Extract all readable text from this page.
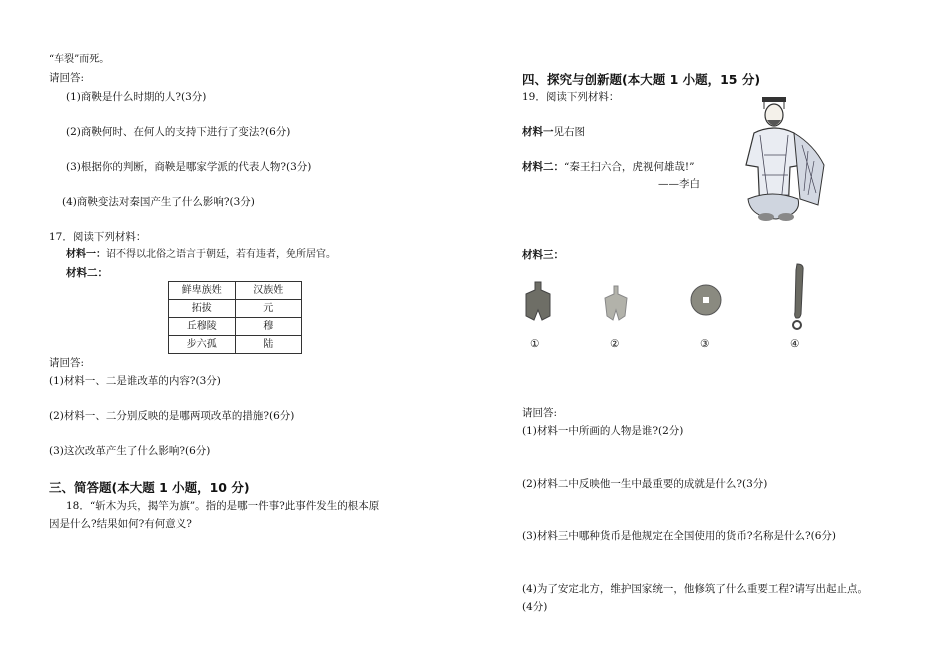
“车裂”而死。
请回答:
(1)商鞅是什么时期的人?(3分)
(2)商鞅何时、在何人的支持下进行了变法?(6分)
(3)根据你的判断，商鞅是哪家学派的代表人物?(3分)
(4)商鞅变法对秦国产生了什么影响?(3分)
17．阅读下列材料：
材料一：诏不得以北俗之语言于朝廷，若有违者，免所居官。
材料二：
鲜卑族姓	汉族姓
拓拔	元
丘穆陵	穆
步六孤	陆
请回答:
(1)材料一、二是谁改革的内容?(3分)
(2)材料一、二分别反映的是哪两项改革的措施?(6分)
(3)这次改革产生了什么影响?(6分)
三、简答题(本大题 1 小题，10 分)
18．“斩木为兵，揭竿为旗”。指的是哪一件事?此事件发生的根本原
因是什么?结果如何?有何意义?
四、探究与创新题(本大题 1 小题，15 分)
19．阅读下列材料：
材料一见右图
材料二：“秦王扫六合，虎视何雄哉!”
——李白
材料三：
①	②	③	④
请回答:
(1)材料一中所画的人物是谁?(2分)
(2)材料二中反映他一生中最重要的成就是什么?(3分)
(3)材料三中哪种货币是他规定在全国使用的货币?名称是什么?(6分)
(4)为了安定北方，维护国家统一，他修筑了什么重要工程?请写出起止点。
(4分)
